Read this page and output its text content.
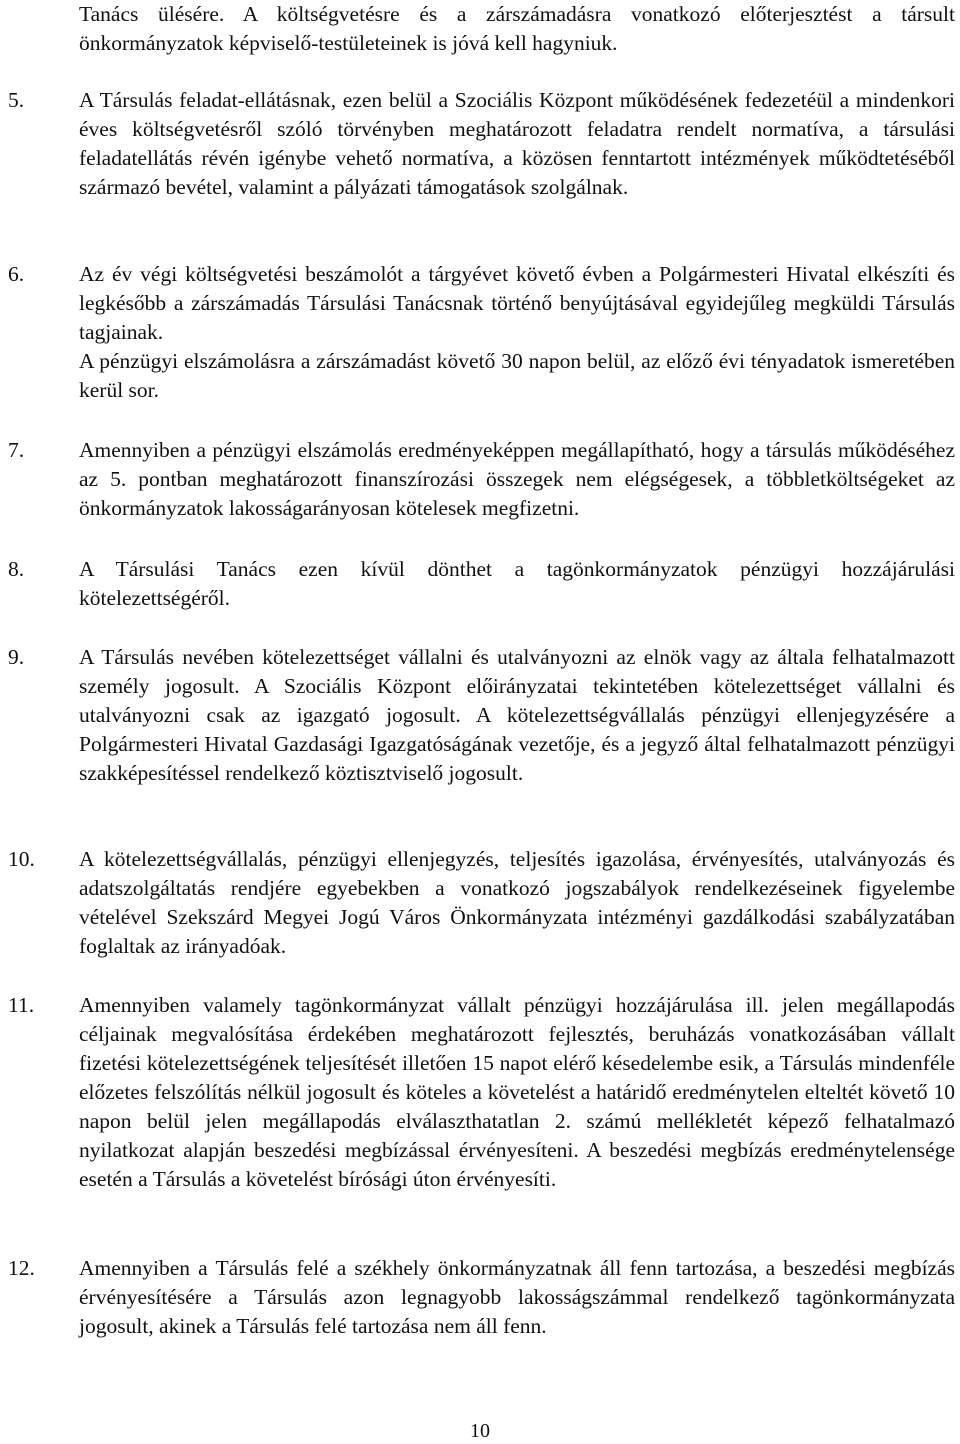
Tanács ülésére. A költségvetésre és a zárszámadásra vonatkozó előterjesztést a társult önkormányzatok képviselő-testületeinek is jóvá kell hagyniuk.
5.	A Társulás feladat-ellátásnak, ezen belül a Szociális Központ működésének fedezetéül a mindenkori éves költségvetésről szóló törvényben meghatározott feladatra rendelt normatíva, a társulási feladatellátás révén igénybe vehető normatíva, a közösen fenntartott intézmények működtetéséből származó bevétel, valamint a pályázati támogatások szolgálnak.

6.	Az év végi költségvetési beszámolót a tárgyévet követő évben a Polgármesteri Hivatal elkészíti és legkésőbb a zárszámadás Társulási Tanácsnak történő benyújtásával egyidejűleg megküldi Társulás tagjainak.

A pénzügyi elszámolásra a zárszámadást követő 30 napon belül, az előző évi tényadatok ismeretében kerül sor.

7.	Amennyiben a pénzügyi elszámolás eredményeképpen megállapítható, hogy a társulás működéséhez az 5. pontban meghatározott finanszírozási összegek nem elégségesek, a többletköltségeket az önkormányzatok lakosságarányosan kötelesek megfizetni.

8.	A Társulási Tanács ezen kívül dönthet a tagönkormányzatok pénzügyi hozzájárulási kötelezettségéről.

9.	A Társulás nevében kötelezettséget vállalni és utalványozni az elnök vagy az általa felhatalmazott személy jogosult. A Szociális Központ előirányzatai tekintetében kötelezettséget vállalni és utalványozni csak az igazgató jogosult. A kötelezettségvállalás pénzügyi ellenjegyzésére a Polgármesteri Hivatal Gazdasági Igazgatóságának vezetője, és a jegyző által felhatalmazott pénzügyi szakképesítéssel rendelkező köztisztviselő jogosult.

10. A kötelezettségvállalás, pénzügyi ellenjegyzés, teljesítés igazolása, érvényesítés, utalványozás és adatszolgáltatás rendjére egyebekben a vonatkozó jogszabályok rendelkezéseinek figyelembe vételével Szekszárd Megyei Jogú Város Önkormányzata intézményi gazdálkodási szabályzatában foglaltak az irányadóak.

11. Amennyiben valamely tagönkormányzat vállalt pénzügyi hozzájárulása ill. jelen megállapodás céljainak megvalósítása érdekében meghatározott fejlesztés, beruházás vonatkozásában vállalt fizetési kötelezettségének teljesítését illetően 15 napot elérő késedelembe esik, a Társulás mindenféle előzetes felszólítás nélkül jogosult és köteles a követelést a határidő eredménytelen elteltét követő 10 napon belül jelen megállapodás elválaszthatatlan 2. számú mellékletét képező felhatalmazó nyilatkozat alapján beszedési megbízással érvényesíteni. A beszedési megbízás eredménytelensége esetén a Társulás a követelést bírósági úton érvényesíti.

12. Amennyiben a Társulás felé a székhely önkormányzatnak áll fenn tartozása, a beszedési megbízás érvényesítésére a Társulás azon legnagyobb lakosságszámmal rendelkező tagönkormányzata jogosult, akinek a Társulás felé tartozása nem áll fenn.

10
